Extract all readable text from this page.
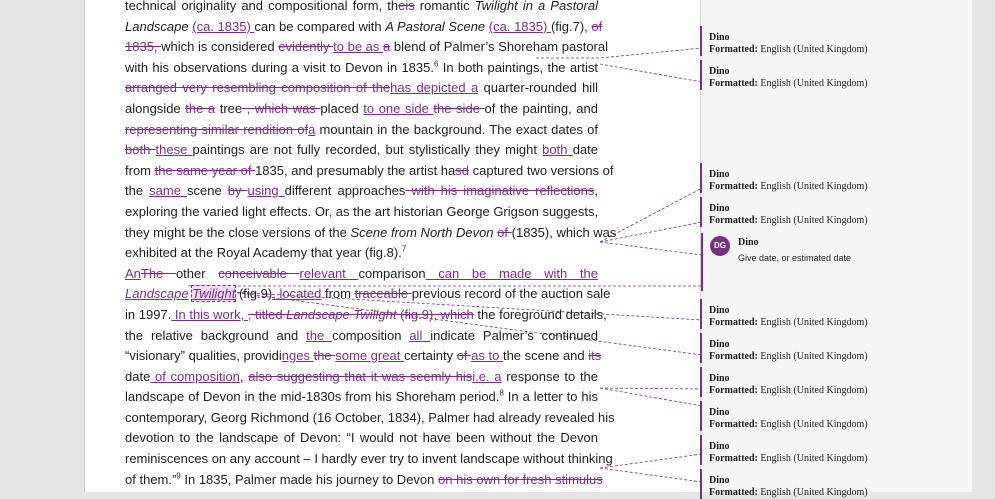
technical originality and compositional form, theis romantic Twilight in a Pastoral
Landscape (ca. 1835) can be compared with A Pastoral Scene (ca. 1835) (fig.7), of
1835, which is considered evidently to be as a blend of Palmer’s Shoreham pastoral
with his observations during a visit to Devon in 1835.$^6$ In both paintings, the artist
arranged very resembling composition of thehas depicted a quarter-rounded hill
alongside the a tree , which was placed to one side the side of the painting, and
representing similar rendition ofa mountain in the background. The exact dates of
both these paintings are not fully recorded, but stylistically they might both date
from the same year of 1835, and presumably the artist hasd captured two versions of
the same scene by using different approaches with his imaginative reflections,
exploring the varied light effects. Or, as the art historian George Grigson suggests,
they might be the close versions of the Scene from North Devon of (1835), which was
exhibited at the Royal Academy that year (fig.8).$^7$
AnThe other conceivable relevant comparison can be made with the
Landscape Twilight (fig.9), located from traceable previous record of the auction sale
in 1997. In this work, , titled Landscape Twilight (fig.9), which the foreground details,
the relative background and the composition all indicate Palmer’s continued
“visionary” qualities, providinges the some great certainty of as to the scene and its
date of composition, also suggesting that it was seemly hisi.e. a response to the
landscape of Devon in the mid-1830s from his Shoreham period.$^8$ In a letter to his
contemporary, Georg Richmond (16 October, 1834), Palmer had already revealed his
devotion to the landscape of Devon: “I would not have been without the Devon
reminiscences on any account – I hardly ever try to invent landscape without thinking
of them.”$^9$ In 1835, Palmer made his journey to Devon on his own for fresh stimulus
Dino
Formatted: English (United Kingdom)
Dino
Formatted: English (United Kingdom)
Dino
Formatted: English (United Kingdom)
Dino
Formatted: English (United Kingdom)
Dino
Formatted: English (United Kingdom)
Dino
Formatted: English (United Kingdom)
Dino
Formatted: English (United Kingdom)
Dino
Formatted: English (United Kingdom)
Dino
Formatted: English (United Kingdom)
Dino
Formatted: English (United Kingdom)
DG	Dino
Give date, or estimated date
